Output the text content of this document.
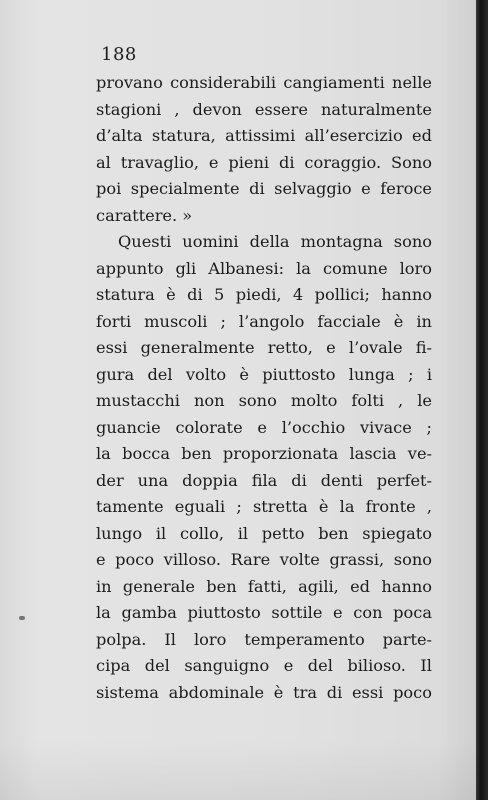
188
provano considerabili cangiamenti nelle
stagioni , devon essere naturalmente
d’alta statura, attissimi all’esercizio ed
al travaglio, e pieni di coraggio. Sono
poi specialmente di selvaggio e feroce
carattere. »
Questi uomini della montagna sono
appunto gli Albanesi: la comune loro
statura è di 5 piedi, 4 pollici; hanno
forti muscoli ; l’angolo facciale è in
essi generalmente retto, e l’ovale fi-
gura del volto è piuttosto lunga ; i
mustacchi non sono molto folti , le
guancie colorate e l’occhio vivace ;
la bocca ben proporzionata lascia ve-
der una doppia fila di denti perfet-
tamente eguali ; stretta è la fronte ,
lungo il collo, il petto ben spiegato
e poco villoso. Rare volte grassi, sono
in generale ben fatti, agili, ed hanno
la gamba piuttosto sottile e con poca
polpa. Il loro temperamento parte-
cipa del sanguigno e del bilioso. Il
sistema abdominale è tra di essi poco
